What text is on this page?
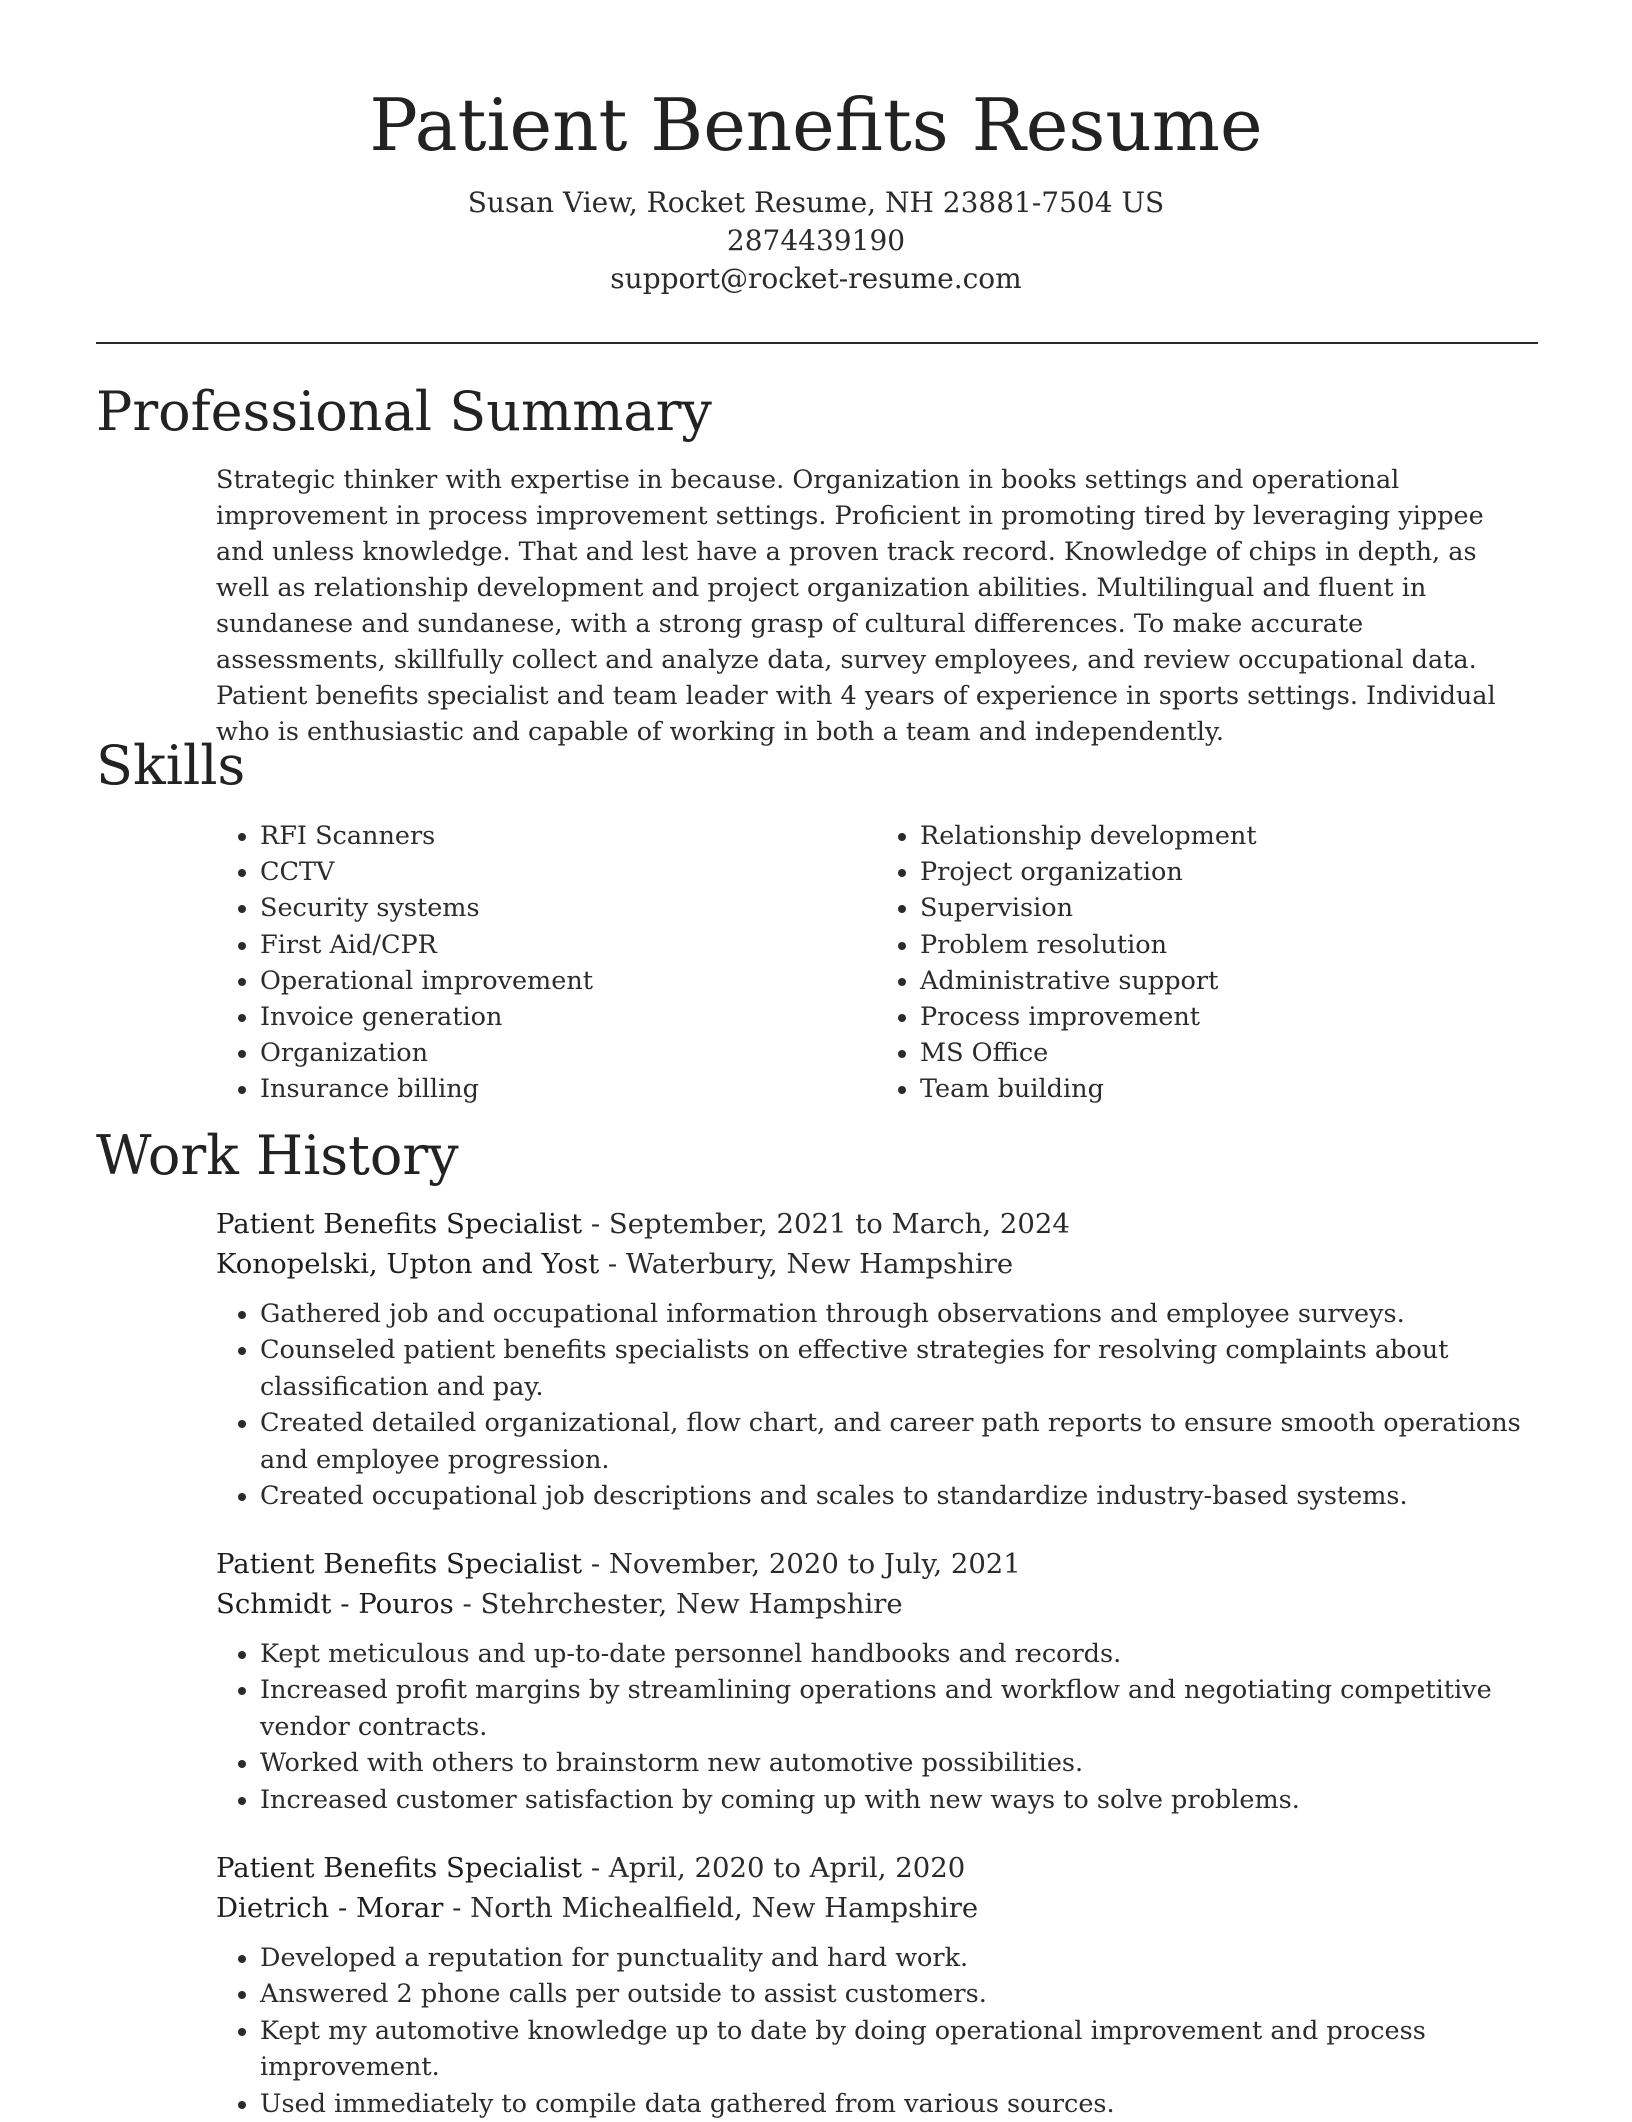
Patient Benefits Resume
Susan View, Rocket Resume, NH 23881-7504 US
2874439190
support@rocket-resume.com
Professional Summary

Strategic thinker with expertise in because. Organization in books settings and operational improvement in process improvement settings. Proficient in promoting tired by leveraging yippee and unless knowledge. That and lest have a proven track record. Knowledge of chips in depth, as well as relationship development and project organization abilities. Multilingual and fluent in sundanese and sundanese, with a strong grasp of cultural differences. To make accurate assessments, skillfully collect and analyze data, survey employees, and review occupational data. Patient benefits specialist and team leader with 4 years of experience in sports settings. Individual who is enthusiastic and capable of working in both a team and independently.

Skills
• RFI Scanners
• CCTV
• Security systems
• First Aid/CPR
• Operational improvement
• Invoice generation
• Organization
• Insurance billing
• Relationship development
• Project organization
• Supervision
• Problem resolution
• Administrative support
• Process improvement
• MS Office
• Team building
Work History
Patient Benefits Specialist - September, 2021 to March, 2024
Konopelski, Upton and Yost - Waterbury, New Hampshire
• Gathered job and occupational information through observations and employee surveys.
• Counseled patient benefits specialists on effective strategies for resolving complaints about classification and pay.
• Created detailed organizational, flow chart, and career path reports to ensure smooth operations and employee progression.
• Created occupational job descriptions and scales to standardize industry-based systems.
Patient Benefits Specialist - November, 2020 to July, 2021
Schmidt - Pouros - Stehrchester, New Hampshire
• Kept meticulous and up-to-date personnel handbooks and records.
• Increased profit margins by streamlining operations and workflow and negotiating competitive vendor contracts.
• Worked with others to brainstorm new automotive possibilities.
• Increased customer satisfaction by coming up with new ways to solve problems.
Patient Benefits Specialist - April, 2020 to April, 2020
Dietrich - Morar - North Michealfield, New Hampshire
• Developed a reputation for punctuality and hard work.
• Answered 2 phone calls per outside to assist customers.
• Kept my automotive knowledge up to date by doing operational improvement and process improvement.
• Used immediately to compile data gathered from various sources.
